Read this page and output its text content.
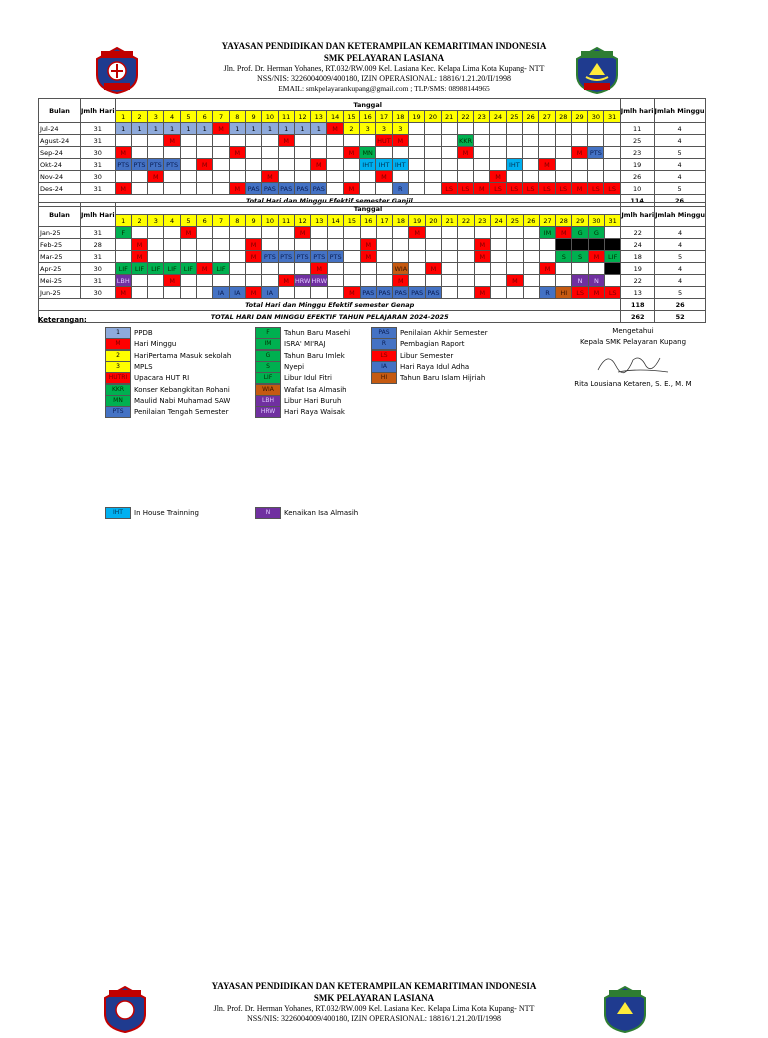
YAYASAN PENDIDIKAN DAN KETERAMPILAN KEMARITIMAN INDONESIA
SMK PELAYARAN LASIANA
Jln. Prof. Dr. Herman Yohanes, RT.032/RW.009 Kel. Lasiana Kec. Kelapa Lima Kota Kupang- NTT
NSS/NIS: 3226004009/400180, IZIN OPERASIONAL: 18816/1.21.20/II/1998
EMAIL: smkpelayarankupang@gmail.com ; TLP/SMS: 08988144965
Bulan	Jmlh Hari	Tanggal																															Jmlh hari	Jmlah Minggu
		1	2	3	4	5	6	7	8	9	10	11	12	13	14	15	16	17	18	19	20	21	22	23	24	25	26	27	28	29	30	31		
Jul-24	31	1	1	1	1	1	1	M	1	1	1	1	1	1	M	2	3	3	3														11	4
Agust-24	31				M							M						HUT	M				KKR										25	4
Sep-24	30	M							M							M	MN						M							M	PTS		23	5
Okt-24	31	PTS	PTS	PTS	PTS		M							M			IHT	IHT	IHT							IHT		M					19	4
Nov-24	30			M							M							M							M								26	4
Des-24	31	M							M	PAS	PAS	PAS	PAS	PAS		M			R			LS	LS	M	LS	LS	LS	LS	LS	M	LS	LS	10	5
Total Hari dan Minggu Efektif semester Ganjil																																	114	26
Bulan	Jmlh Hari	Tanggal																															Jmlh hari	Jmlah Minggu
		1	2	3	4	5	6	7	8	9	10	11	12	13	14	15	16	17	18	19	20	21	22	23	24	25	26	27	28	29	30	31		
Jan-25	31	F				M							M							M								IM	M	G	G		22	4
Feb-25	28		M							M							M							M									24	4
Mar-25	31		M							M	PTS	PTS	PTS	PTS	PTS		M							M					S	S	M	LIF	18	5
Apr-25	30	LIF	LIF	LIF	LIF	LIF	M	LIF						M					WIA		M							M					19	4
Mei-25	31	LBH			M							M	HRW	HRW					M							M				N	N		22	4
Jun-25	30	M						IA	IA	M	IA					M	PAS	PAS	PAS	PAS	PAS			M				R	HI	LS	M	LS	13	5
Total Hari dan Minggu Efektif semester Genap																																	118	26
TOTAL HARI DAN MINGGU EFEKTIF TAHUN PELAJARAN 2024-2025																																	262	52
Keterangan:
1	PPDB
M	Hari Minggu
2	HariPertama Masuk sekolah
3	MPLS
HUTRI Upacara HUT RI
KKR	Konser Kebangkitan Rohani
MN	Maulid Nabi Muhamad SAW
PTS	Penilaian Tengah Semester
F	Tahun Baru Masehi
IM	ISRA' MI'RAJ
G	Tahun Baru Imlek
S	Nyepi
LIF	Libur Idul Fitri
WIA	Wafat Isa Almasih
LBH	Libur Hari Buruh
HRW	Hari Raya Waisak
PAS	Penilaian Akhir Semester
R	Pembagian Raport
LS	Libur Semester
IA	Hari Raya Idul Adha
HI	Tahun Baru Islam Hijriah
IHT	In House Trainning	N	Kenaikan Isa Almasih
Mengetahui
Kepala SMK Pelayaran Kupang
Rita Lousiana Ketaren, S. E., M. M
YAYASAN PENDIDIKAN DAN KETERAMPILAN KEMARITIMAN INDONESIA
SMK PELAYARAN LASIANA
Jln. Prof. Dr. Herman Yohanes, RT.032/RW.009 Kel. Lasiana Kec. Kelapa Lima Kota Kupang- NTT
NSS/NIS: 3226004009/400180, IZIN OPERASIONAL: 18816/1.21.20/II/1998
